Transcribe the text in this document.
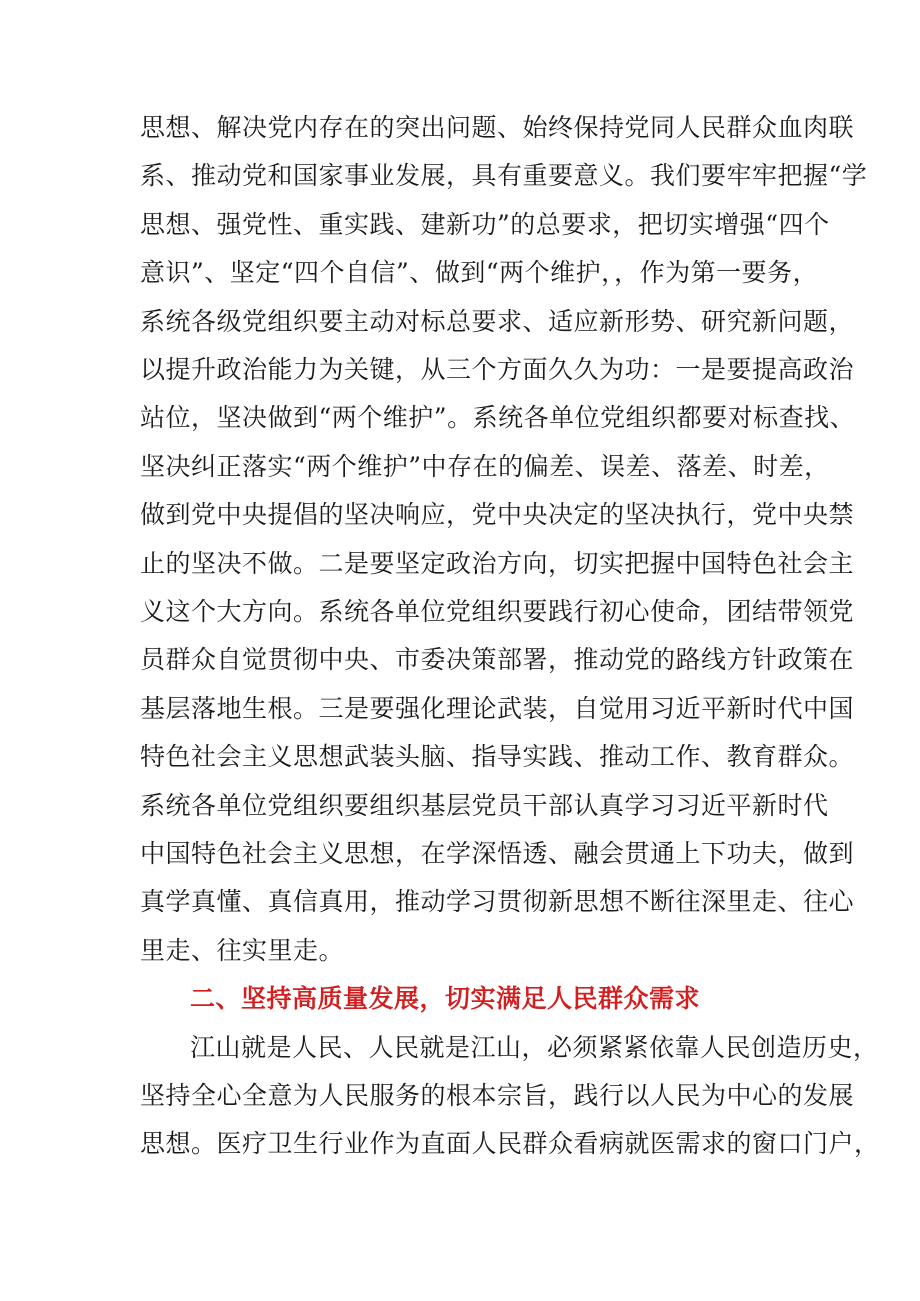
思想、解决党内存在的突出问题、始终保持党同人民群众血肉联
系、推动党和国家事业发展，具有重要意义。我们要牢牢把握“学
思想、强党性、重实践、建新功”的总要求，把切实增强“四个
意识”、坚定“四个自信”、做到“两个维护，，作为第一要务，
系统各级党组织要主动对标总要求、适应新形势、研究新问题，
以提升政治能力为关键，从三个方面久久为功：一是要提高政治
站位，坚决做到“两个维护”。系统各单位党组织都要对标查找、
坚决纠正落实“两个维护”中存在的偏差、误差、落差、时差，
做到党中央提倡的坚决响应，党中央决定的坚决执行，党中央禁
止的坚决不做。二是要坚定政治方向，切实把握中国特色社会主
义这个大方向。系统各单位党组织要践行初心使命，团结带领党
员群众自觉贯彻中央、市委决策部署，推动党的路线方针政策在
基层落地生根。三是要强化理论武装，自觉用习近平新时代中国
特色社会主义思想武装头脑、指导实践、推动工作、教育群众。
系统各单位党组织要组织基层党员干部认真学习习近平新时代
中国特色社会主义思想，在学深悟透、融会贯通上下功夫，做到
真学真懂、真信真用，推动学习贯彻新思想不断往深里走、往心
里走、往实里走。
二、坚持高质量发展，切实满足人民群众需求
江山就是人民、人民就是江山，必须紧紧依靠人民创造历史，
坚持全心全意为人民服务的根本宗旨，践行以人民为中心的发展
思想。医疗卫生行业作为直面人民群众看病就医需求的窗口门户，
